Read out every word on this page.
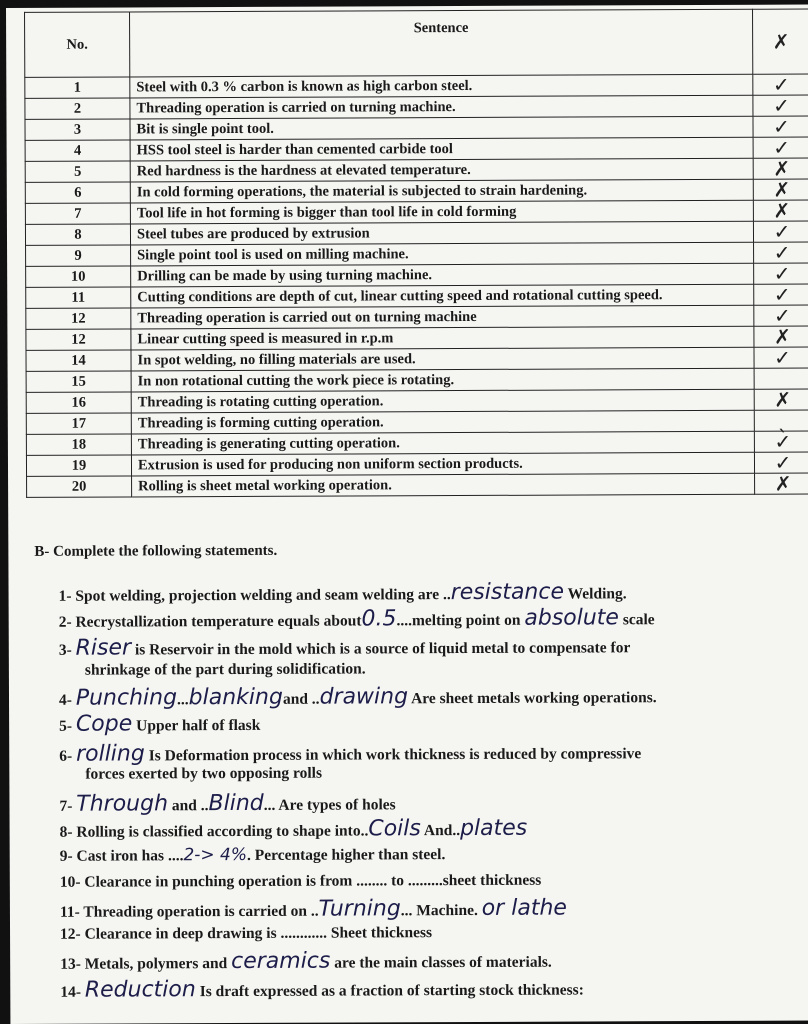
No.	Sentence	✗
1	Steel with 0.3 % carbon is known as high carbon steel.	✓
2	Threading operation is carried on turning machine.	✓
3	Bit is single point tool.	✓
4	HSS tool steel is harder than cemented carbide tool	✓
5	Red hardness is the hardness at elevated temperature.	✗
6	In cold forming operations, the material is subjected to strain hardening.	✗
7	Tool life in hot forming is bigger than tool life in cold forming	✗
8	Steel tubes are produced by extrusion	✓
9	Single point tool is used on milling machine.	✓
10	Drilling can be made by using turning machine.	✓
11	Cutting conditions are depth of cut, linear cutting speed and rotational cutting speed.	✓
12	Threading operation is carried out on turning machine	✓
12	Linear cutting speed is measured in r.p.m	✗
14	In spot welding, no filling materials are used.	✓
15	In non rotational cutting the work piece is rotating.	
16	Threading is rotating cutting operation.	✗
17	Threading is forming cutting operation.	ˎ
18	Threading is generating cutting operation.	✓
19	Extrusion is used for producing non uniform section products.	✓
20	Rolling is sheet metal working operation.	✗
B- Complete the following statements.
1- Spot welding, projection welding and seam welding are ..resistance Welding.
2- Recrystallization temperature equals about0.5....melting point on absolute scale
3- Riser is Reservoir in the mold which is a source of liquid metal to compensate for
shrinkage of the part during solidification.
4- Punching...blankingand ..drawing Are sheet metals working operations.
5- Cope Upper half of flask
6- rolling Is Deformation process in which work thickness is reduced by compressive
forces exerted by two opposing rolls
7- Through and ..Blind... Are types of holes
8- Rolling is classified according to shape into..Coils And..plates
9- Cast iron has ....2-> 4%. Percentage higher than steel.
10- Clearance in punching operation is from ........ to .........sheet thickness
11- Threading operation is carried on ..Turning... Machine. or lathe
12- Clearance in deep drawing is ............ Sheet thickness
13- Metals, polymers and ceramics are the main classes of materials.
14- Reduction Is draft expressed as a fraction of starting stock thickness:
